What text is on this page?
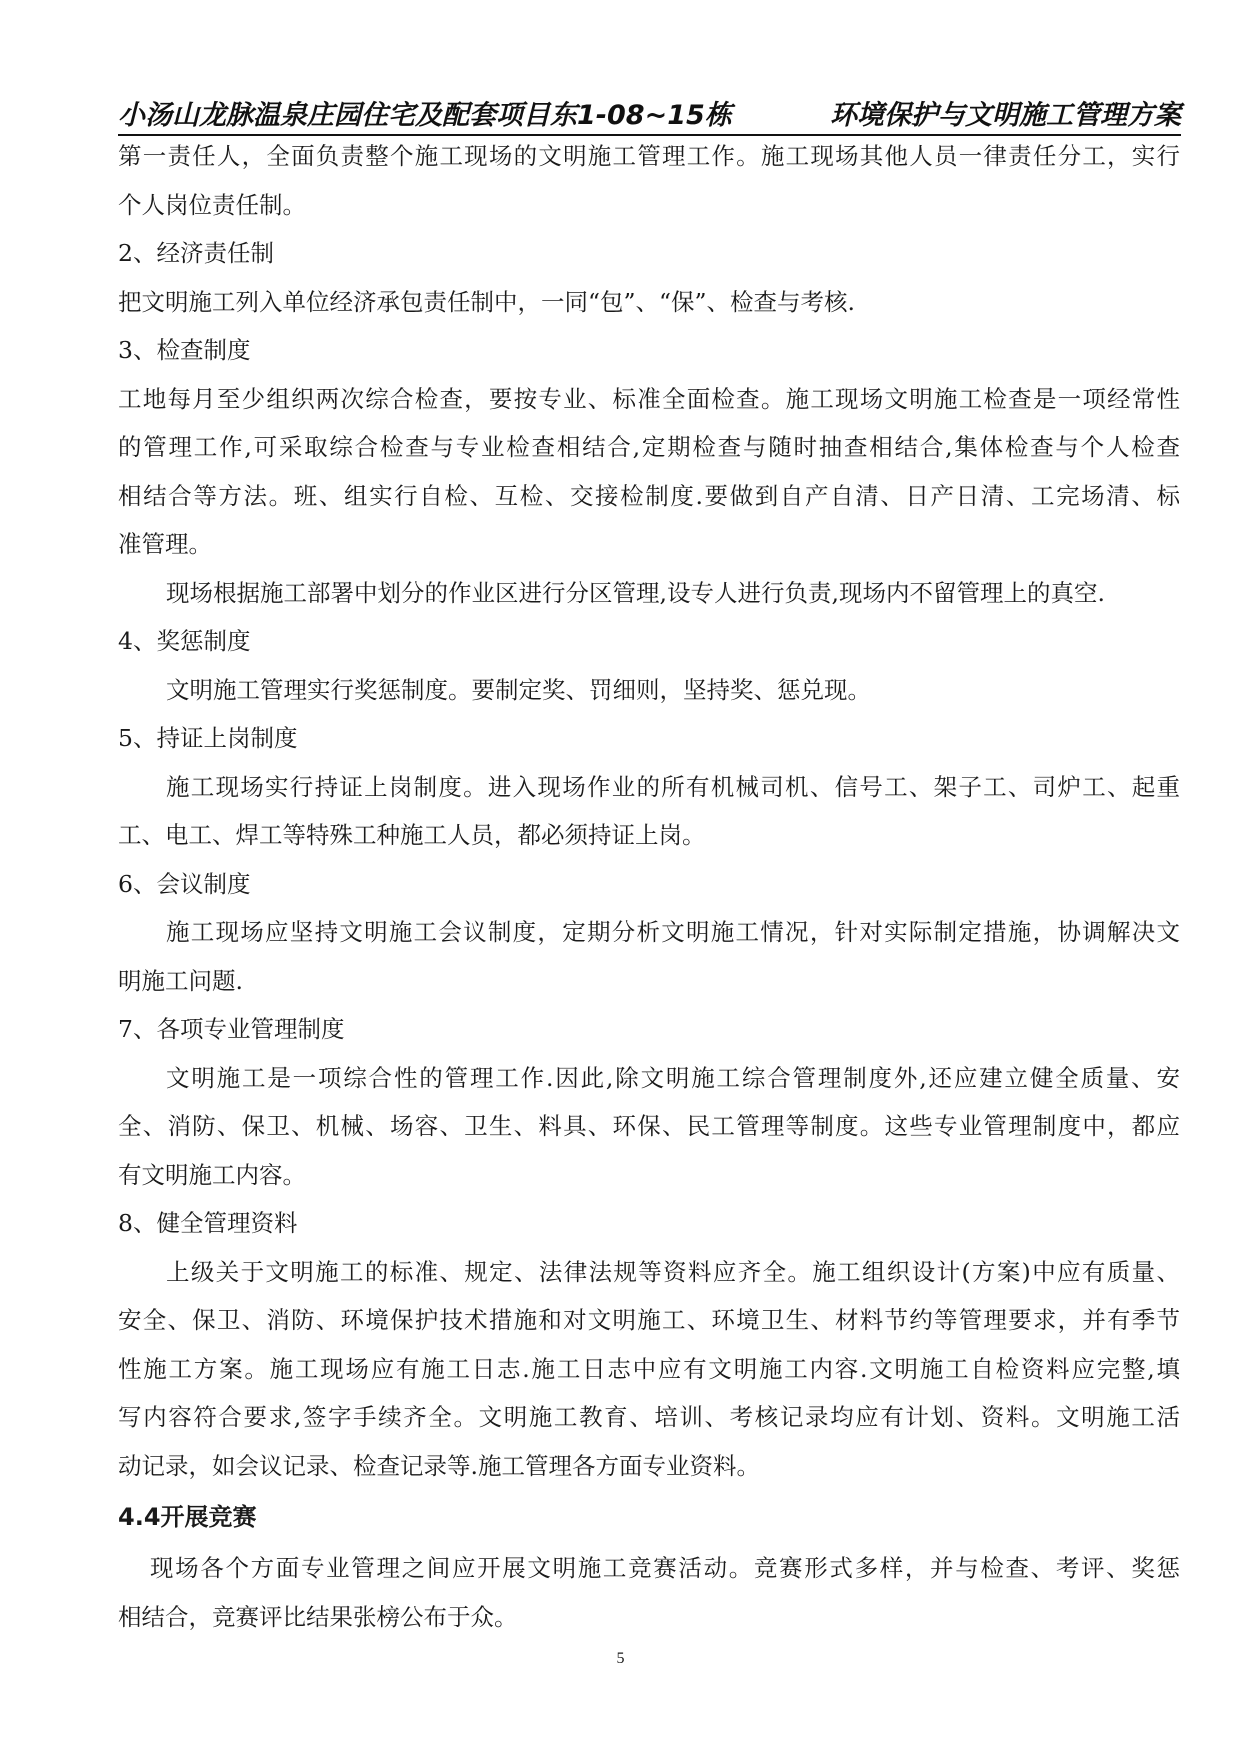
小汤山龙脉温泉庄园住宅及配套项目东1-08~15栋	环境保护与文明施工管理方案

第一责任人，全面负责整个施工现场的文明施工管理工作。施工现场其他人员一律责任分工，实行

个人岗位责任制。

2、经济责任制

把文明施工列入单位经济承包责任制中，一同“包”、“保”、检查与考核.

3、检查制度

工地每月至少组织两次综合检查，要按专业、标准全面检查。施工现场文明施工检查是一项经常性

的管理工作,可采取综合检查与专业检查相结合,定期检查与随时抽查相结合,集体检查与个人检查

相结合等方法。班、组实行自检、互检、交接检制度.要做到自产自清、日产日清、工完场清、标

准管理。

现场根据施工部署中划分的作业区进行分区管理,设专人进行负责,现场内不留管理上的真空.

4、奖惩制度

文明施工管理实行奖惩制度。要制定奖、罚细则，坚持奖、惩兑现。

5、持证上岗制度

施工现场实行持证上岗制度。进入现场作业的所有机械司机、信号工、架子工、司炉工、起重

工、电工、焊工等特殊工种施工人员，都必须持证上岗。

6、会议制度

施工现场应坚持文明施工会议制度，定期分析文明施工情况，针对实际制定措施，协调解决文

明施工问题.

7、各项专业管理制度

文明施工是一项综合性的管理工作.因此,除文明施工综合管理制度外,还应建立健全质量、安

全、消防、保卫、机械、场容、卫生、料具、环保、民工管理等制度。这些专业管理制度中，都应

有文明施工内容。

8、健全管理资料

上级关于文明施工的标准、规定、法律法规等资料应齐全。施工组织设计(方案)中应有质量、

安全、保卫、消防、环境保护技术措施和对文明施工、环境卫生、材料节约等管理要求，并有季节

性施工方案。施工现场应有施工日志.施工日志中应有文明施工内容.文明施工自检资料应完整,填

写内容符合要求,签字手续齐全。文明施工教育、培训、考核记录均应有计划、资料。文明施工活

动记录，如会议记录、检查记录等.施工管理各方面专业资料。

4.4开展竞赛

现场各个方面专业管理之间应开展文明施工竞赛活动。竞赛形式多样，并与检查、考评、奖惩

相结合，竞赛评比结果张榜公布于众。

5
